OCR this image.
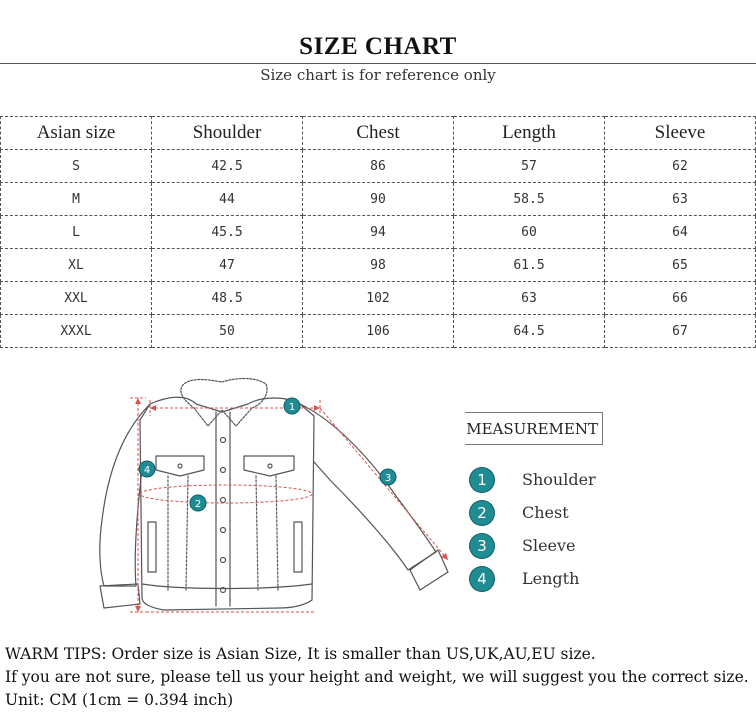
SIZE CHART
Size chart is for reference only
Asian size	Shoulder	Chest	Length	Sleeve
S	42.5	86	57	62
M	44	90	58.5	63
L	45.5	94	60	64
XL	47	98	61.5	65
XXL	48.5	102	63	66
XXXL	50	106	64.5	67
1
2
3
4
MEASUREMENT
1	Shoulder
2	Chest
3	Sleeve
4	Length
WARM TIPS: Order size is Asian Size, It is smaller than US,UK,AU,EU size.
If you are not sure, please tell us your height and weight, we will suggest you the correct size.
Unit: CM (1cm = 0.394 inch)
